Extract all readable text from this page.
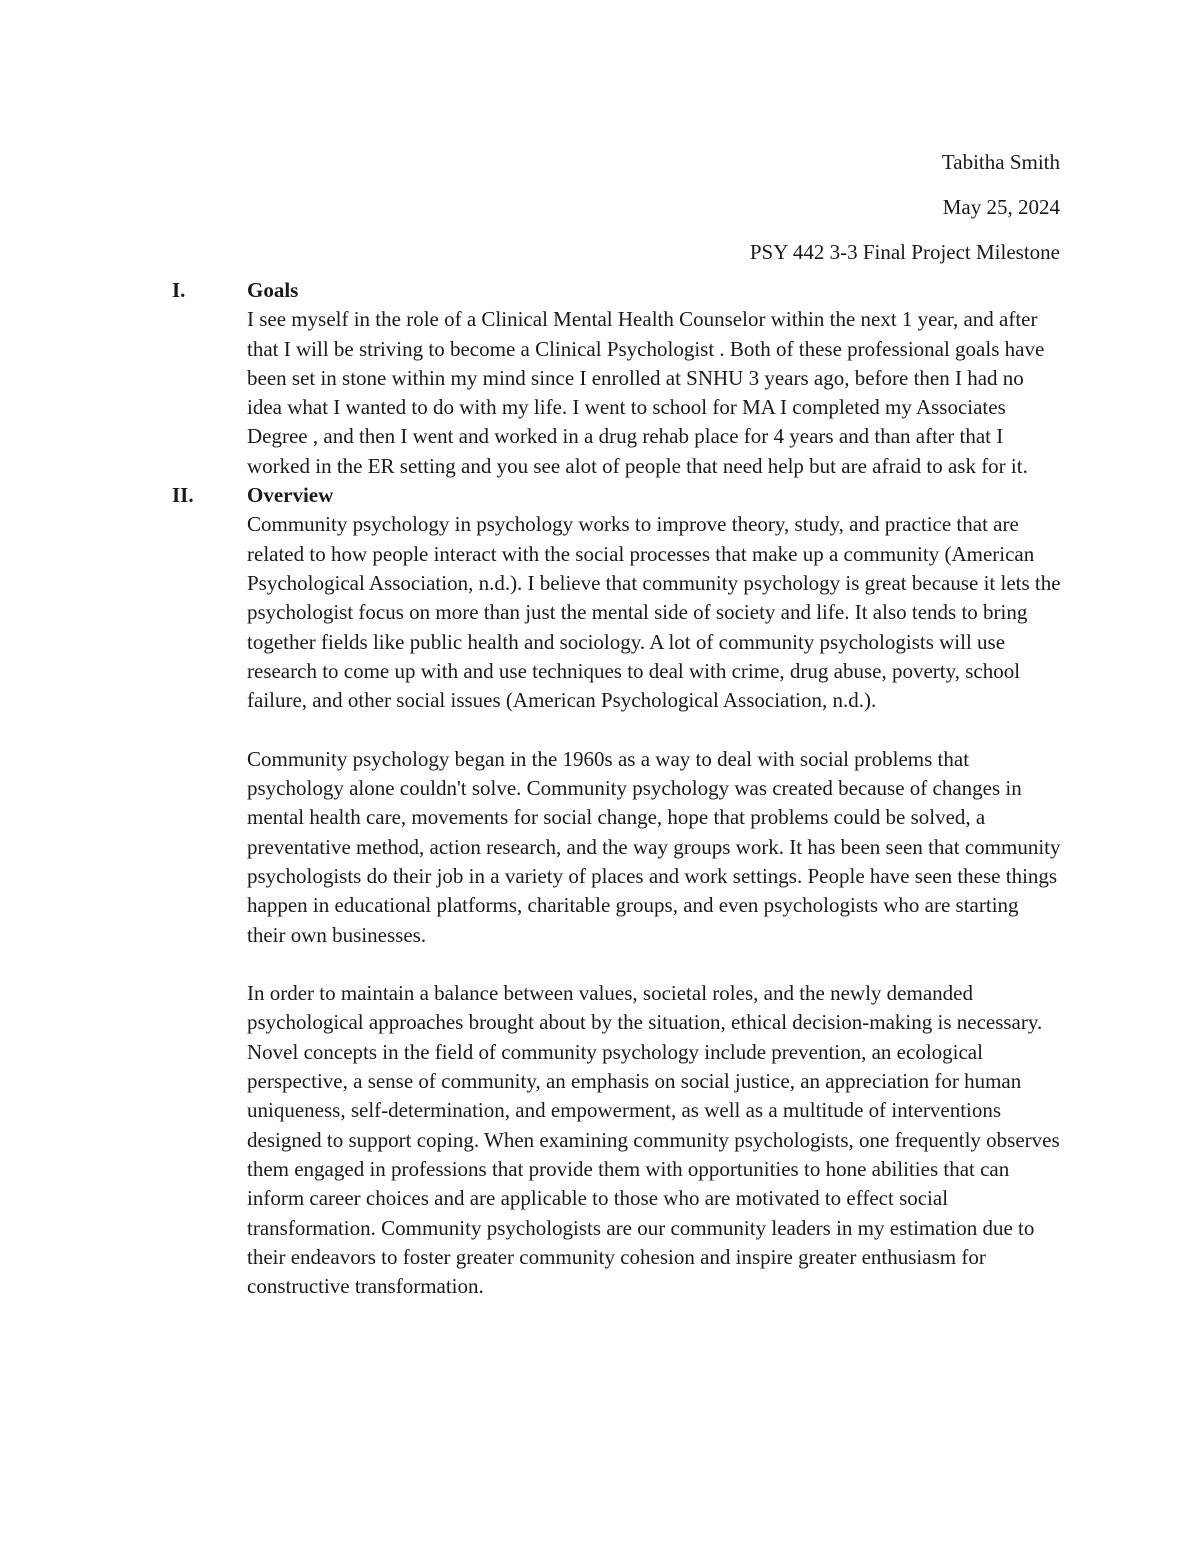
Tabitha Smith
May 25, 2024
PSY 442 3-3 Final Project Milestone
I.	Goals

I see myself in the role of a Clinical Mental Health Counselor within the next 1 year, and after that I will be striving to become a Clinical Psychologist . Both of these professional goals have been set in stone within my mind since I enrolled at SNHU 3 years ago, before then I had no idea what I wanted to do with my life. I went to school for MA I completed my Associates Degree , and then I went and worked in a drug rehab place for 4 years and than after that I worked in the ER setting and you see alot of people that need help but are afraid to ask for it.

II.	Overview

Community psychology in psychology works to improve theory, study, and practice that are related to how people interact with the social processes that make up a community (American Psychological Association, n.d.). I believe that community psychology is great because it lets the psychologist focus on more than just the mental side of society and life. It also tends to bring together fields like public health and sociology. A lot of community psychologists will use research to come up with and use techniques to deal with crime, drug abuse, poverty, school failure, and other social issues (American Psychological Association, n.d.).

Community psychology began in the 1960s as a way to deal with social problems that psychology alone couldn't solve. Community psychology was created because of changes in mental health care, movements for social change, hope that problems could be solved, a preventative method, action research, and the way groups work. It has been seen that community psychologists do their job in a variety of places and work settings. People have seen these things happen in educational platforms, charitable groups, and even psychologists who are starting their own businesses.

In order to maintain a balance between values, societal roles, and the newly demanded psychological approaches brought about by the situation, ethical decision-making is necessary. Novel concepts in the field of community psychology include prevention, an ecological perspective, a sense of community, an emphasis on social justice, an appreciation for human uniqueness, self-determination, and empowerment, as well as a multitude of interventions designed to support coping. When examining community psychologists, one frequently observes them engaged in professions that provide them with opportunities to hone abilities that can inform career choices and are applicable to those who are motivated to effect social transformation. Community psychologists are our community leaders in my estimation due to their endeavors to foster greater community cohesion and inspire greater enthusiasm for constructive transformation.
